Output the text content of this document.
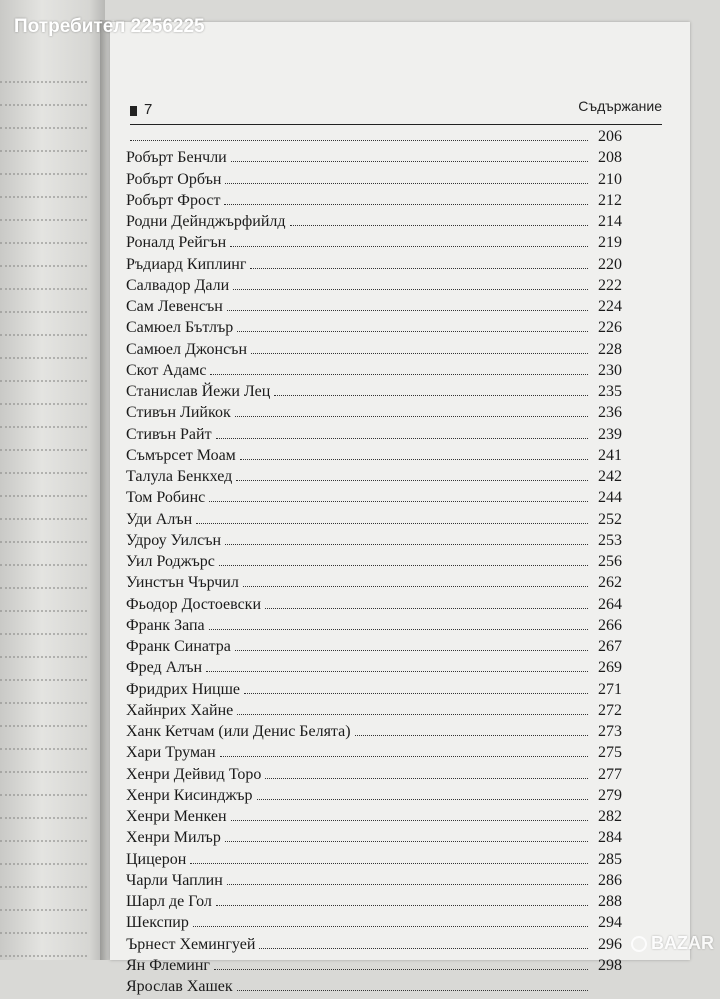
Потребител 2256225
7	Съдържание
206
Робърт Бенчли	208
Робърт Орбън	210
Робърт Фрост	212
Родни Дейнджърфийлд	214
Роналд Рейгън	219
Ръдиард Киплинг	220
Салвадор Дали	222
Сам Левенсън	224
Самюел Бътлър	226
Самюел Джонсън	228
Скот Адамс	230
Станислав Йежи Лец	235
Стивън Лийкок	236
Стивън Райт	239
Съмърсет Моам	241
Талула Бенкхед	242
Том Робинс	244
Уди Алън	252
Удроу Уилсън	253
Уил Роджърс	256
Уинстън Чърчил	262
Фьодор Достоевски	264
Франк Запа	266
Франк Синатра	267
Фред Алън	269
Фридрих Ницше	271
Хайнрих Хайне	272
Ханк Кетчам (или Денис Белята)	273
Хари Труман	275
Хенри Дейвид Торо	277
Хенри Кисинджър	279
Хенри Менкен	282
Хенри Милър	284
Цицерон	285
Чарли Чаплин	286
Шарл де Гол	288
Шекспир	294
Ърнест Хемингуей	296
Ян Флеминг	298
Ярослав Хашек
BAZAR
